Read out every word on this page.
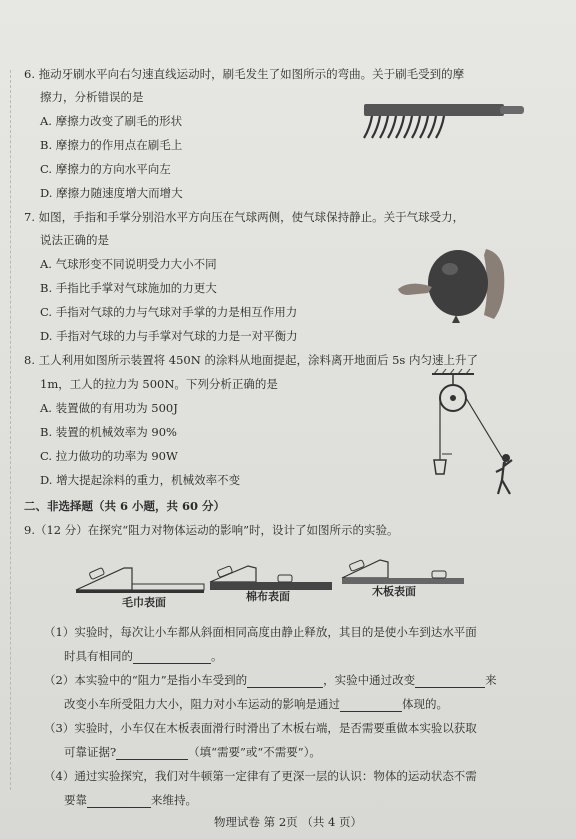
6. 拖动牙刷水平向右匀速直线运动时，刷毛发生了如图所示的弯曲。关于刷毛受到的摩
擦力，分析错误的是
A. 摩擦力改变了刷毛的形状
B. 摩擦力的作用点在刷毛上
C. 摩擦力的方向水平向左
D. 摩擦力随速度增大而增大
7. 如图，手指和手掌分别沿水平方向压在气球两侧，使气球保持静止。关于气球受力，
说法正确的是
A. 气球形变不同说明受力大小不同
B. 手指比手掌对气球施加的力更大
C. 手指对气球的力与气球对手掌的力是相互作用力
D. 手指对气球的力与手掌对气球的力是一对平衡力
8. 工人利用如图所示装置将 450N 的涂料从地面提起，涂料离开地面后 5s 内匀速上升了
1m，工人的拉力为 500N。下列分析正确的是
A. 装置做的有用功为 500J
B. 装置的机械效率为 90%
C. 拉力做功的功率为 90W
D. 增大提起涂料的重力，机械效率不变
二、非选择题（共 6 小题，共 60 分）
9.（12 分）在探究“阻力对物体运动的影响”时，设计了如图所示的实验。
毛巾表面	棉布表面	木板表面
（1）实验时，每次让小车都从斜面相同高度由静止释放，其目的是使小车到达水平面
时具有相同的	。
（2）本实验中的“阻力”是指小车受到的	，实验中通过改变	来
改变小车所受阻力大小，阻力对小车运动的影响是通过	体现的。
（3）实验时，小车仅在木板表面滑行时滑出了木板右端，是否需要重做本实验以获取
可靠证据?	（填“需要”或“不需要”）。
（4）通过实验探究，我们对牛顿第一定律有了更深一层的认识：物体的运动状态不需
要靠	来维持。
物理试卷 第 2页 （共 4 页）
